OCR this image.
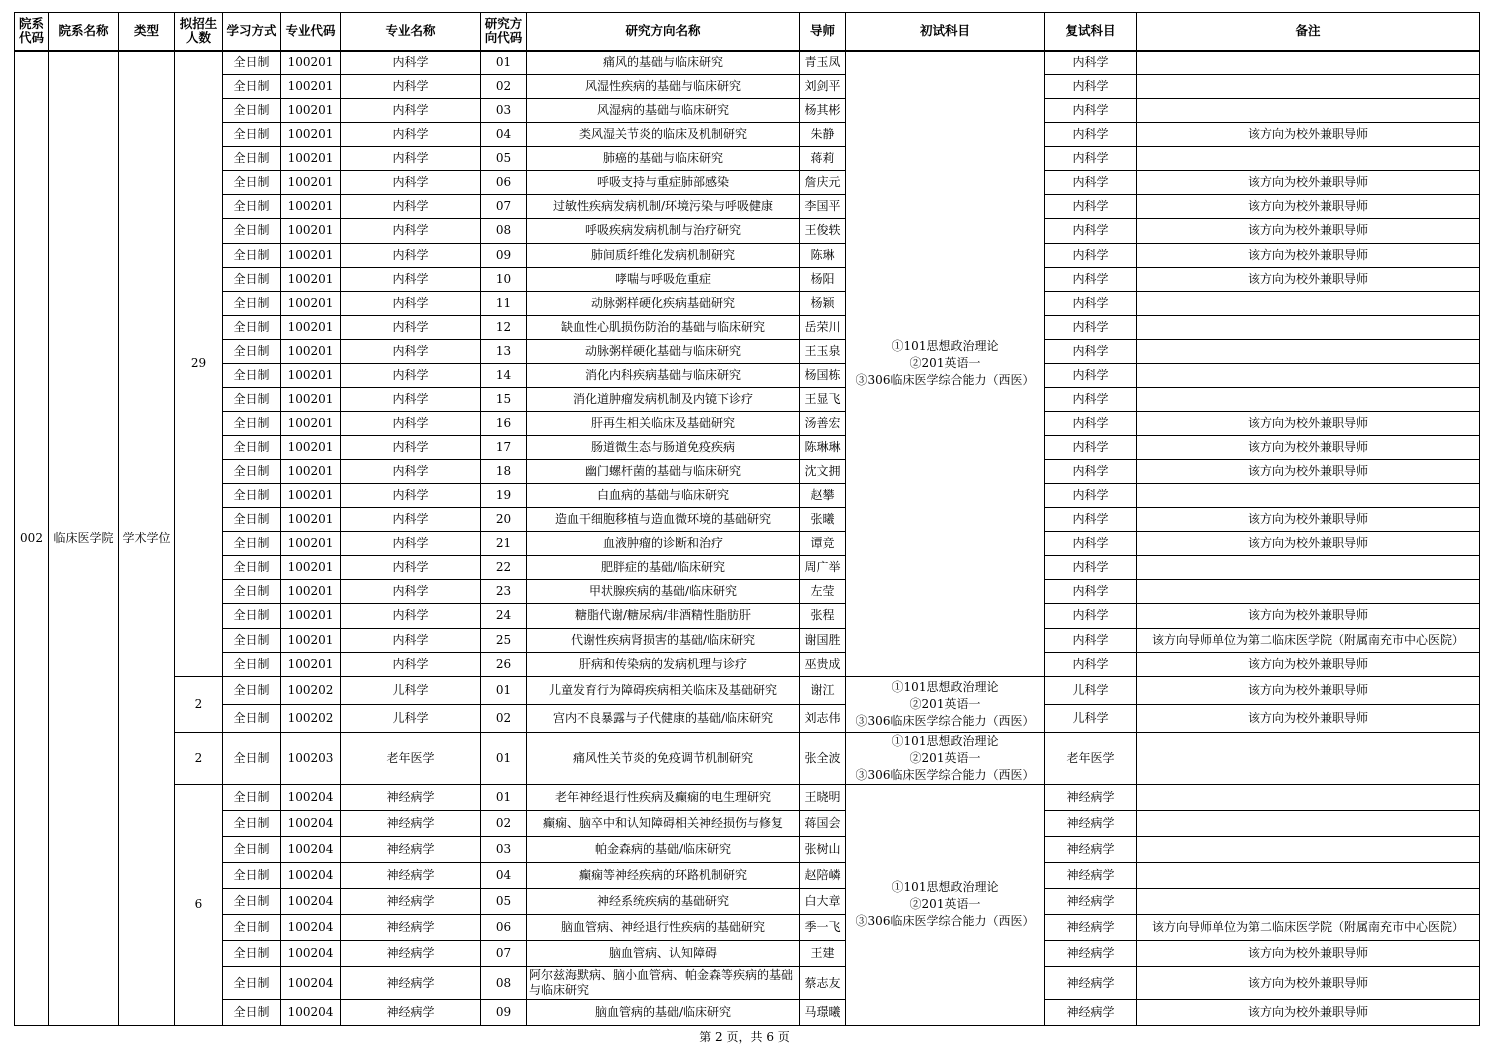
院系代码	院系名称	类型	拟招生人数	学习方式	专业代码	专业名称	研究方向代码	研究方向名称	导师	初试科目	复试科目	备注
002	临床医学院	学术学位	29	全日制	100201	内科学	01	痛风的基础与临床研究	青玉凤	①101思想政治理论
②201英语一
③306临床医学综合能力（西医）	内科学	
				全日制	100201	内科学	02	风湿性疾病的基础与临床研究	刘剑平		内科学	
				全日制	100201	内科学	03	风湿病的基础与临床研究	杨其彬		内科学	
				全日制	100201	内科学	04	类风湿关节炎的临床及机制研究	朱静		内科学	该方向为校外兼职导师
				全日制	100201	内科学	05	肺癌的基础与临床研究	蒋莉		内科学	
				全日制	100201	内科学	06	呼吸支持与重症肺部感染	詹庆元		内科学	该方向为校外兼职导师
				全日制	100201	内科学	07	过敏性疾病发病机制/环境污染与呼吸健康	李国平		内科学	该方向为校外兼职导师
				全日制	100201	内科学	08	呼吸疾病发病机制与治疗研究	王俊轶		内科学	该方向为校外兼职导师
				全日制	100201	内科学	09	肺间质纤维化发病机制研究	陈琳		内科学	该方向为校外兼职导师
				全日制	100201	内科学	10	哮喘与呼吸危重症	杨阳		内科学	该方向为校外兼职导师
				全日制	100201	内科学	11	动脉粥样硬化疾病基础研究	杨颖		内科学	
				全日制	100201	内科学	12	缺血性心肌损伤防治的基础与临床研究	岳荣川		内科学	
				全日制	100201	内科学	13	动脉粥样硬化基础与临床研究	王玉泉		内科学	
				全日制	100201	内科学	14	消化内科疾病基础与临床研究	杨国栋		内科学	
				全日制	100201	内科学	15	消化道肿瘤发病机制及内镜下诊疗	王显飞		内科学	
				全日制	100201	内科学	16	肝再生相关临床及基础研究	汤善宏		内科学	该方向为校外兼职导师
				全日制	100201	内科学	17	肠道微生态与肠道免疫疾病	陈琳琳		内科学	该方向为校外兼职导师
				全日制	100201	内科学	18	幽门螺杆菌的基础与临床研究	沈文拥		内科学	该方向为校外兼职导师
				全日制	100201	内科学	19	白血病的基础与临床研究	赵攀		内科学	
				全日制	100201	内科学	20	造血干细胞移植与造血微环境的基础研究	张曦		内科学	该方向为校外兼职导师
				全日制	100201	内科学	21	血液肿瘤的诊断和治疗	谭竞		内科学	该方向为校外兼职导师
				全日制	100201	内科学	22	肥胖症的基础/临床研究	周广举		内科学	
				全日制	100201	内科学	23	甲状腺疾病的基础/临床研究	左莹		内科学	
				全日制	100201	内科学	24	糖脂代谢/糖尿病/非酒精性脂肪肝	张程		内科学	该方向为校外兼职导师
				全日制	100201	内科学	25	代谢性疾病肾损害的基础/临床研究	谢国胜		内科学	该方向导师单位为第二临床医学院（附属南充市中心医院）
				全日制	100201	内科学	26	肝病和传染病的发病机理与诊疗	巫贵成		内科学	该方向为校外兼职导师
			2	全日制	100202	儿科学	01	儿童发育行为障碍疾病相关临床及基础研究	谢江	①101思想政治理论
②201英语一
③306临床医学综合能力（西医）	儿科学	该方向为校外兼职导师
				全日制	100202	儿科学	02	宫内不良暴露与子代健康的基础/临床研究	刘志伟		儿科学	该方向为校外兼职导师
			2	全日制	100203	老年医学	01	痛风性关节炎的免疫调节机制研究	张全波	①101思想政治理论
②201英语一
③306临床医学综合能力（西医）	老年医学	
			6	全日制	100204	神经病学	01	老年神经退行性疾病及癫痫的电生理研究	王晓明	①101思想政治理论
②201英语一
③306临床医学综合能力（西医）	神经病学	
				全日制	100204	神经病学	02	癫痫、脑卒中和认知障碍相关神经损伤与修复	蒋国会		神经病学	
				全日制	100204	神经病学	03	帕金森病的基础/临床研究	张树山		神经病学	
				全日制	100204	神经病学	04	癫痫等神经疾病的环路机制研究	赵陪嶙		神经病学	
				全日制	100204	神经病学	05	神经系统疾病的基础研究	白大章		神经病学	
				全日制	100204	神经病学	06	脑血管病、神经退行性疾病的基础研究	季一飞		神经病学	该方向导师单位为第二临床医学院（附属南充市中心医院）
				全日制	100204	神经病学	07	脑血管病、认知障碍	王建		神经病学	该方向为校外兼职导师
				全日制	100204	神经病学	08	阿尔兹海默病、脑小血管病、帕金森等疾病的基础与临床研究	蔡志友		神经病学	该方向为校外兼职导师
				全日制	100204	神经病学	09	脑血管病的基础/临床研究	马璟曦		神经病学	该方向为校外兼职导师
第 2 页，共 6 页
